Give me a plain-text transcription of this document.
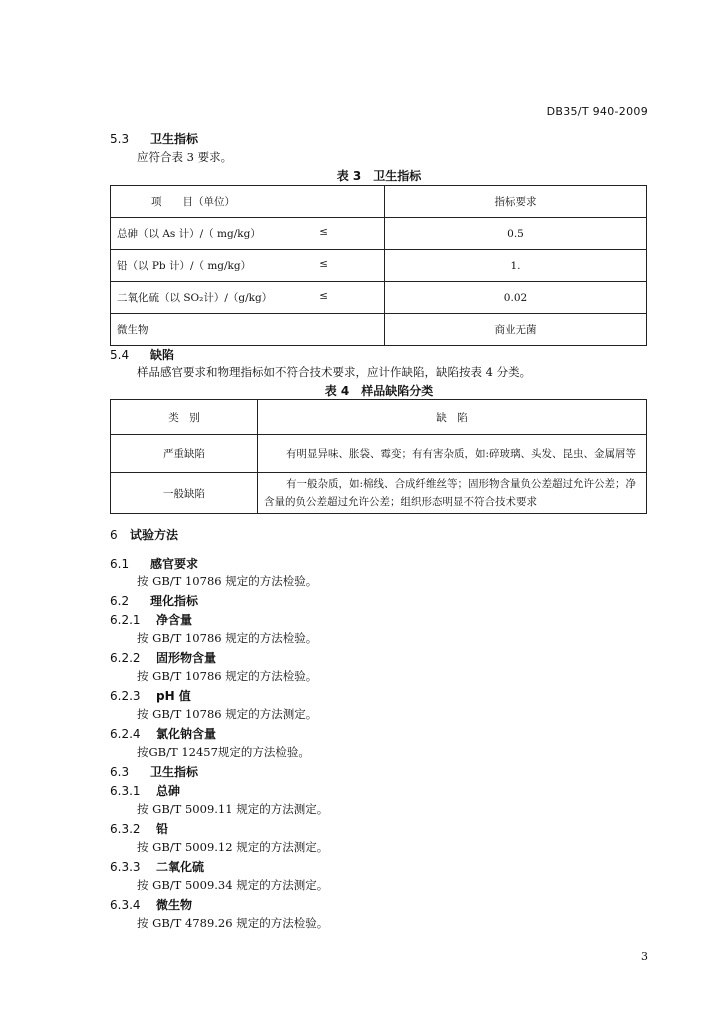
DB35/T 940-2009
5.3 卫生指标
应符合表 3 要求。
表 3　卫生指标
项　　目（单位）	指标要求
总砷（以 As 计）/（ mg/kg） ≤	0.5
铅（以 Pb 计）/（ mg/kg） ≤	1.
二氧化硫（以 SO₂计）/（g/kg） ≤	0.02
微生物	商业无菌
5.4 缺陷
样品感官要求和物理指标如不符合技术要求，应计作缺陷，缺陷按表 4 分类。
表 4　样品缺陷分类
类　别	缺　陷
严重缺陷	有明显异味、胀袋、霉变；有有害杂质，如:碎玻璃、头发、昆虫、金属屑等

一般缺陷	有一般杂质，如:棉线、合成纤维丝等；固形物含量负公差超过允许公差；净含量的负公差超过允许公差；组织形态明显不符合技术要求
6 试验方法
6.1 感官要求
按 GB/T 10786 规定的方法检验。
6.2 理化指标
6.2.1 净含量
按 GB/T 10786 规定的方法检验。
6.2.2 固形物含量
按 GB/T 10786 规定的方法检验。
6.2.3 pH 值
按 GB/T 10786 规定的方法测定。
6.2.4 氯化钠含量
按GB/T 12457规定的方法检验。
6.3 卫生指标
6.3.1 总砷
按 GB/T 5009.11 规定的方法测定。
6.3.2 铅
按 GB/T 5009.12 规定的方法测定。
6.3.3 二氧化硫
按 GB/T 5009.34 规定的方法测定。
6.3.4 微生物
按 GB/T 4789.26 规定的方法检验。
3
